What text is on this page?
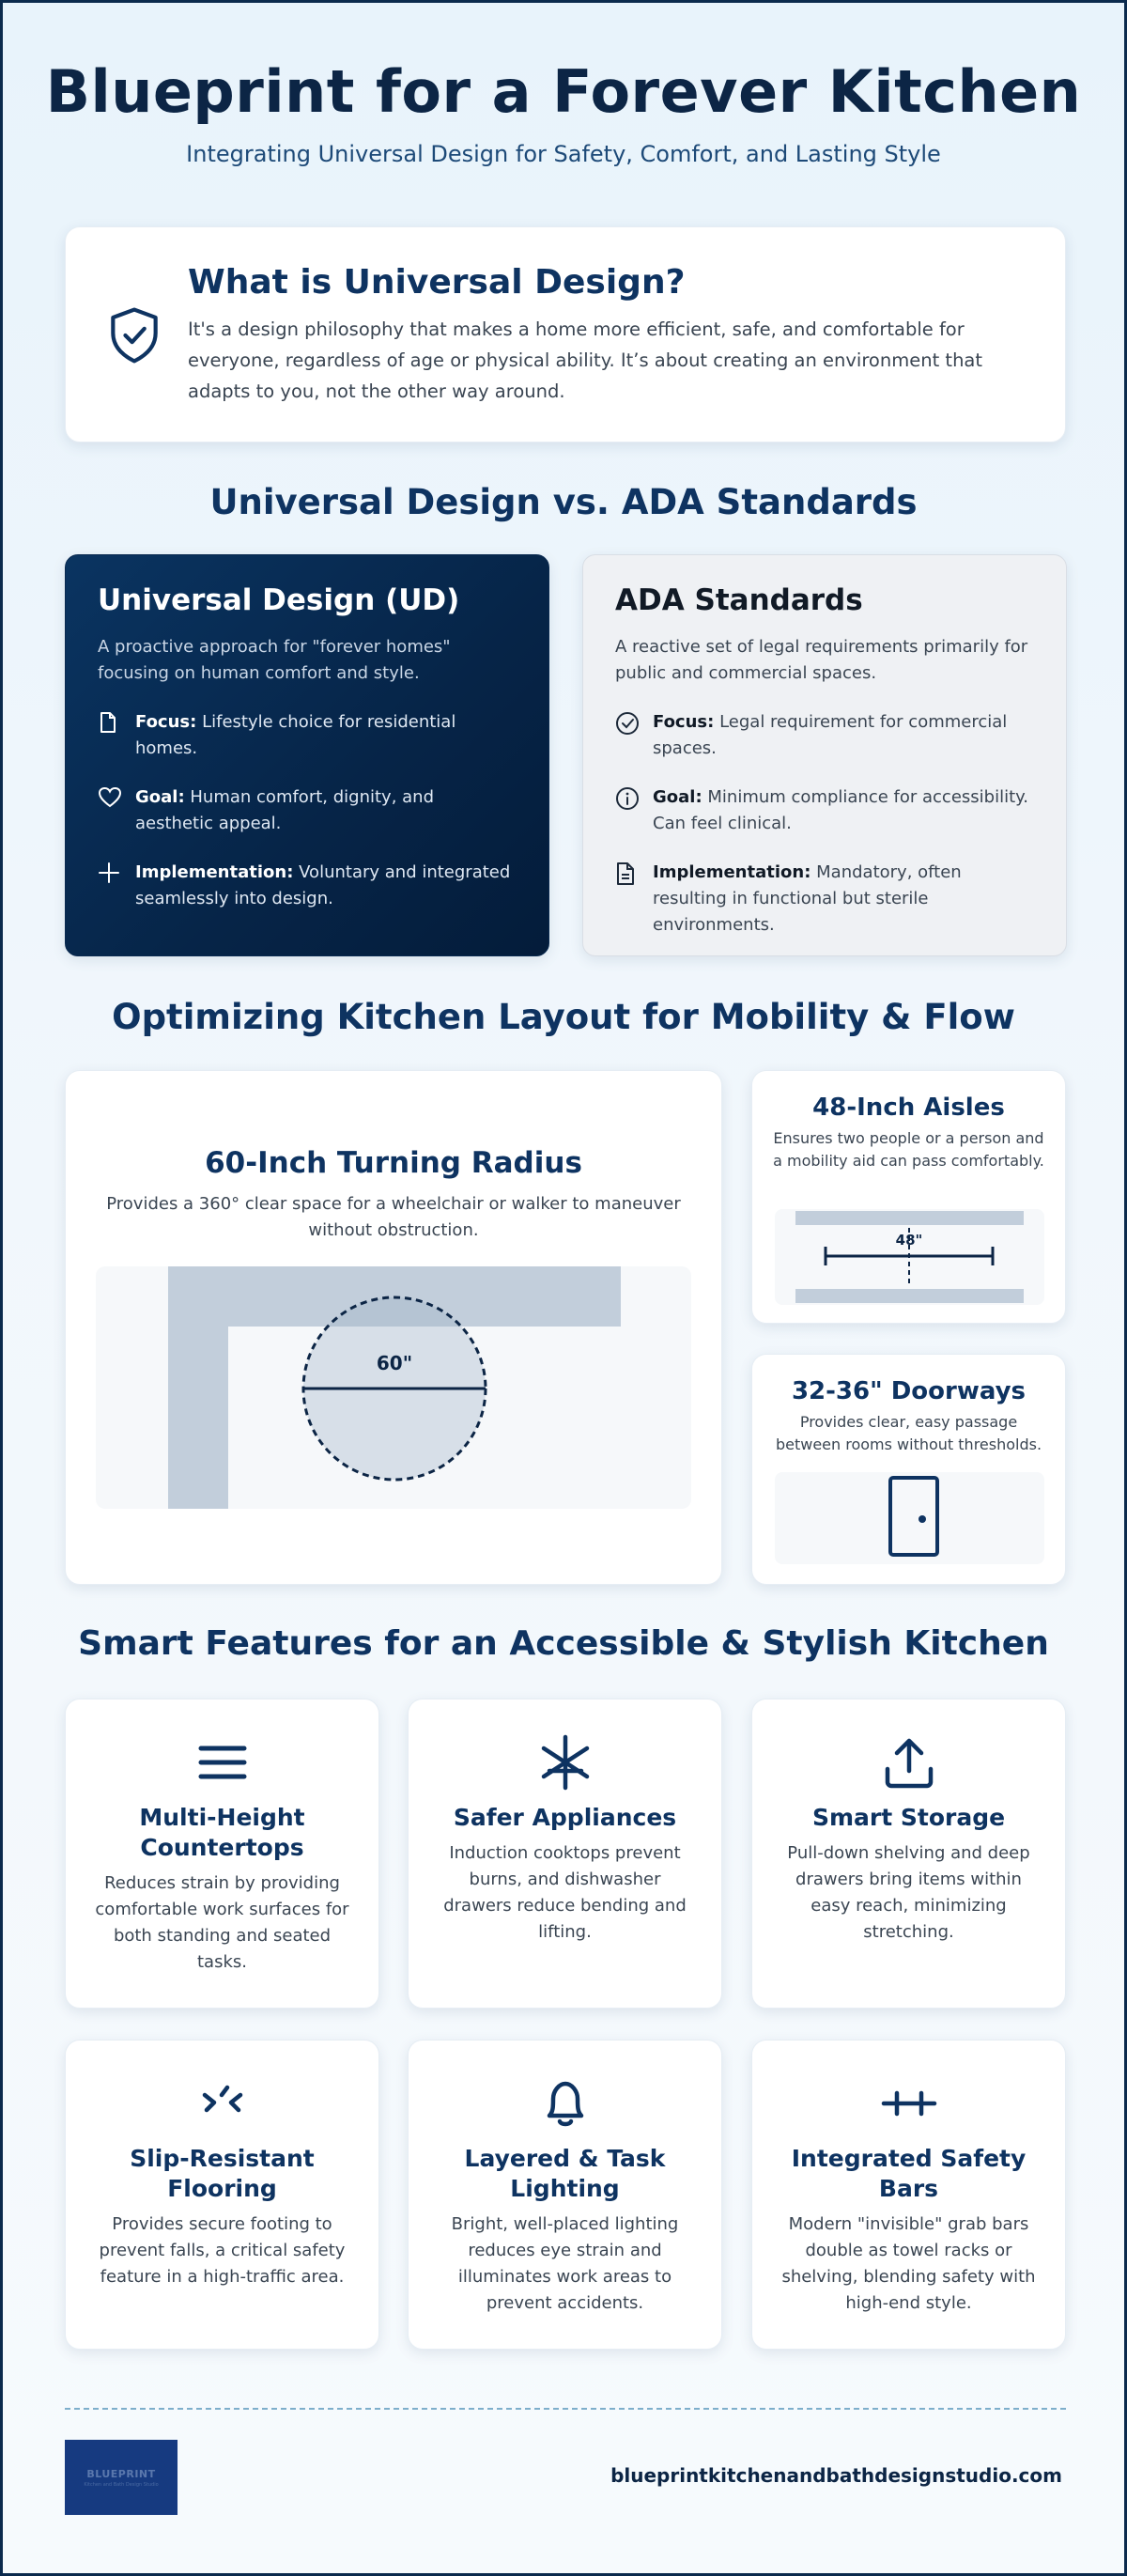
Blueprint for a Forever Kitchen

Integrating Universal Design for Safety, Comfort, and Lasting Style

What is Universal Design?

It's a design philosophy that makes a home more efficient, safe, and comfortable for everyone, regardless of age or physical ability. It’s about creating an environment that adapts to you, not the other way around.

Universal Design vs. ADA Standards
Universal Design (UD)
A proactive approach for "forever homes" focusing on human comfort and style.
Focus: Lifestyle choice for residential homes.
Goal: Human comfort, dignity, and aesthetic appeal.
Implementation: Voluntary and integrated seamlessly into design.
ADA Standards
A reactive set of legal requirements primarily for public and commercial spaces.
Focus: Legal requirement for commercial spaces.
Goal: Minimum compliance for accessibility. Can feel clinical.
Implementation: Mandatory, often resulting in functional but sterile environments.
Optimizing Kitchen Layout for Mobility & Flow
60-Inch Turning Radius

Provides a 360° clear space for a wheelchair or walker to maneuver without obstruction.

60"
48-Inch Aisles

Ensures two people or a person and a mobility aid can pass comfortably.

48"
32-36" Doorways

Provides clear, easy passage between rooms without thresholds.

Smart Features for an Accessible & Stylish Kitchen
Multi-Height Countertops

Reduces strain by providing comfortable work surfaces for both standing and seated tasks.

Safer Appliances

Induction cooktops prevent burns, and dishwasher drawers reduce bending and lifting.

Smart Storage

Pull-down shelving and deep drawers bring items within easy reach, minimizing stretching.

Slip-Resistant Flooring

Provides secure footing to prevent falls, a critical safety feature in a high-traffic area.

Layered & Task Lighting

Bright, well-placed lighting reduces eye strain and illuminates work areas to prevent accidents.

Integrated Safety Bars

Modern "invisible" grab bars double as towel racks or shelving, blending safety with high-end style.

BLUEPRINT
Kitchen and Bath Design Studio	blueprintkitchenandbathdesignstudio.com
